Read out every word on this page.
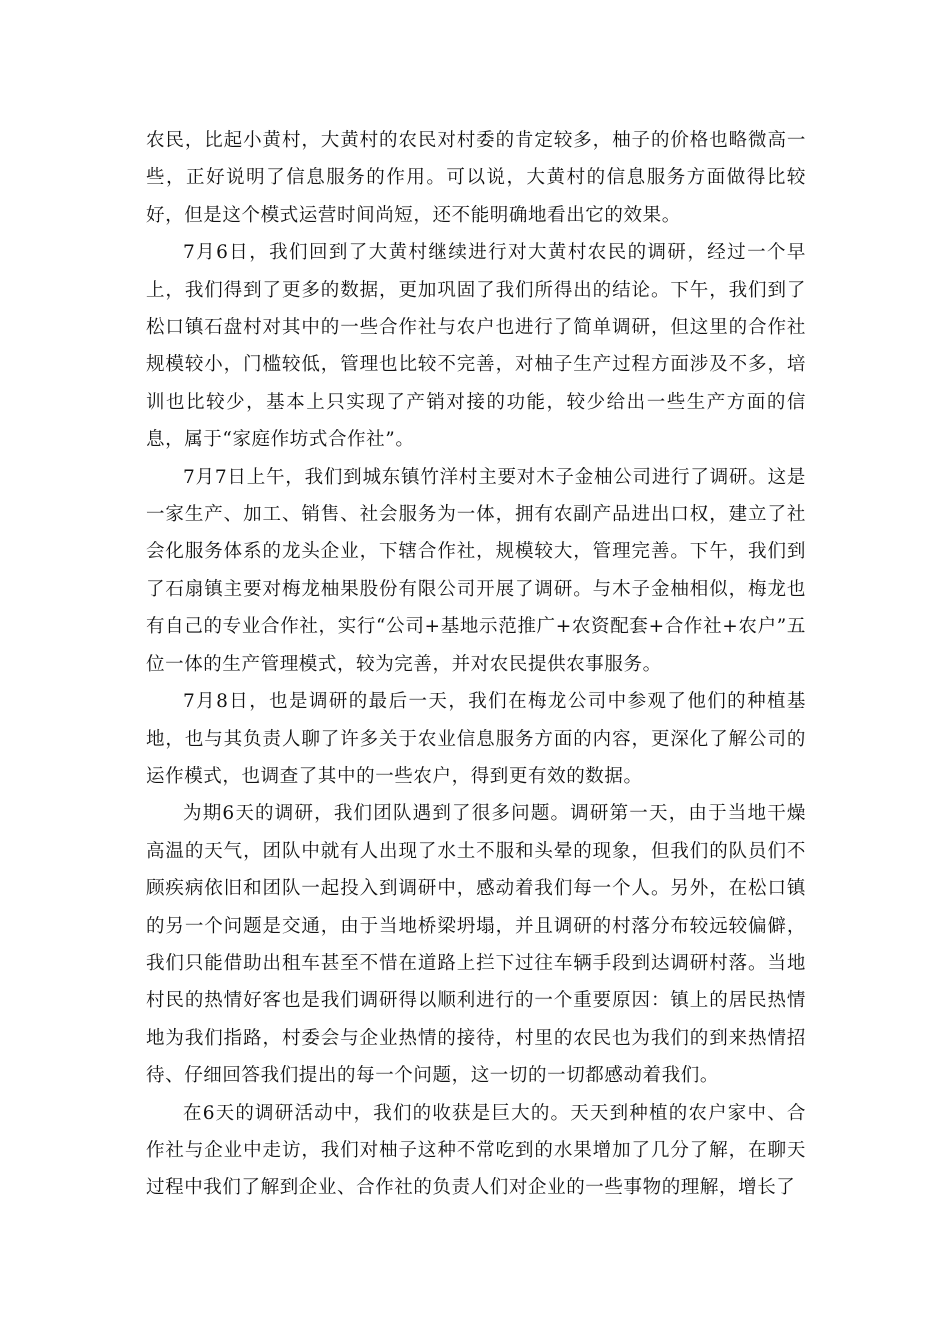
农民，比起小黄村，大黄村的农民对村委的肯定较多，柚子的价格也略微高一些，正好说明了信息服务的作用。可以说，大黄村的信息服务方面做得比较好，但是这个模式运营时间尚短，还不能明确地看出它的效果。

7月6日，我们回到了大黄村继续进行对大黄村农民的调研，经过一个早上，我们得到了更多的数据，更加巩固了我们所得出的结论。下午，我们到了松口镇石盘村对其中的一些合作社与农户也进行了简单调研，但这里的合作社规模较小，门槛较低，管理也比较不完善，对柚子生产过程方面涉及不多，培训也比较少，基本上只实现了产销对接的功能，较少给出一些生产方面的信息，属于“家庭作坊式合作社”。

7月7日上午，我们到城东镇竹洋村主要对木子金柚公司进行了调研。这是一家生产、加工、销售、社会服务为一体，拥有农副产品进出口权，建立了社会化服务体系的龙头企业，下辖合作社，规模较大，管理完善。下午，我们到了石扇镇主要对梅龙柚果股份有限公司开展了调研。与木子金柚相似，梅龙也有自己的专业合作社，实行“公司+基地示范推广+农资配套+合作社+农户”五位一体的生产管理模式，较为完善，并对农民提供农事服务。

7月8日，也是调研的最后一天，我们在梅龙公司中参观了他们的种植基地，也与其负责人聊了许多关于农业信息服务方面的内容，更深化了解公司的运作模式，也调查了其中的一些农户，得到更有效的数据。

为期6天的调研，我们团队遇到了很多问题。调研第一天，由于当地干燥高温的天气，团队中就有人出现了水土不服和头晕的现象，但我们的队员们不顾疾病依旧和团队一起投入到调研中，感动着我们每一个人。另外，在松口镇的另一个问题是交通，由于当地桥梁坍塌，并且调研的村落分布较远较偏僻，我们只能借助出租车甚至不惜在道路上拦下过往车辆手段到达调研村落。当地村民的热情好客也是我们调研得以顺利进行的一个重要原因：镇上的居民热情地为我们指路，村委会与企业热情的接待，村里的农民也为我们的到来热情招待、仔细回答我们提出的每一个问题，这一切的一切都感动着我们。

在6天的调研活动中，我们的收获是巨大的。天天到种植的农户家中、合作社与企业中走访，我们对柚子这种不常吃到的水果增加了几分了解，在聊天过程中我们了解到企业、合作社的负责人们对企业的一些事物的理解，增长了
